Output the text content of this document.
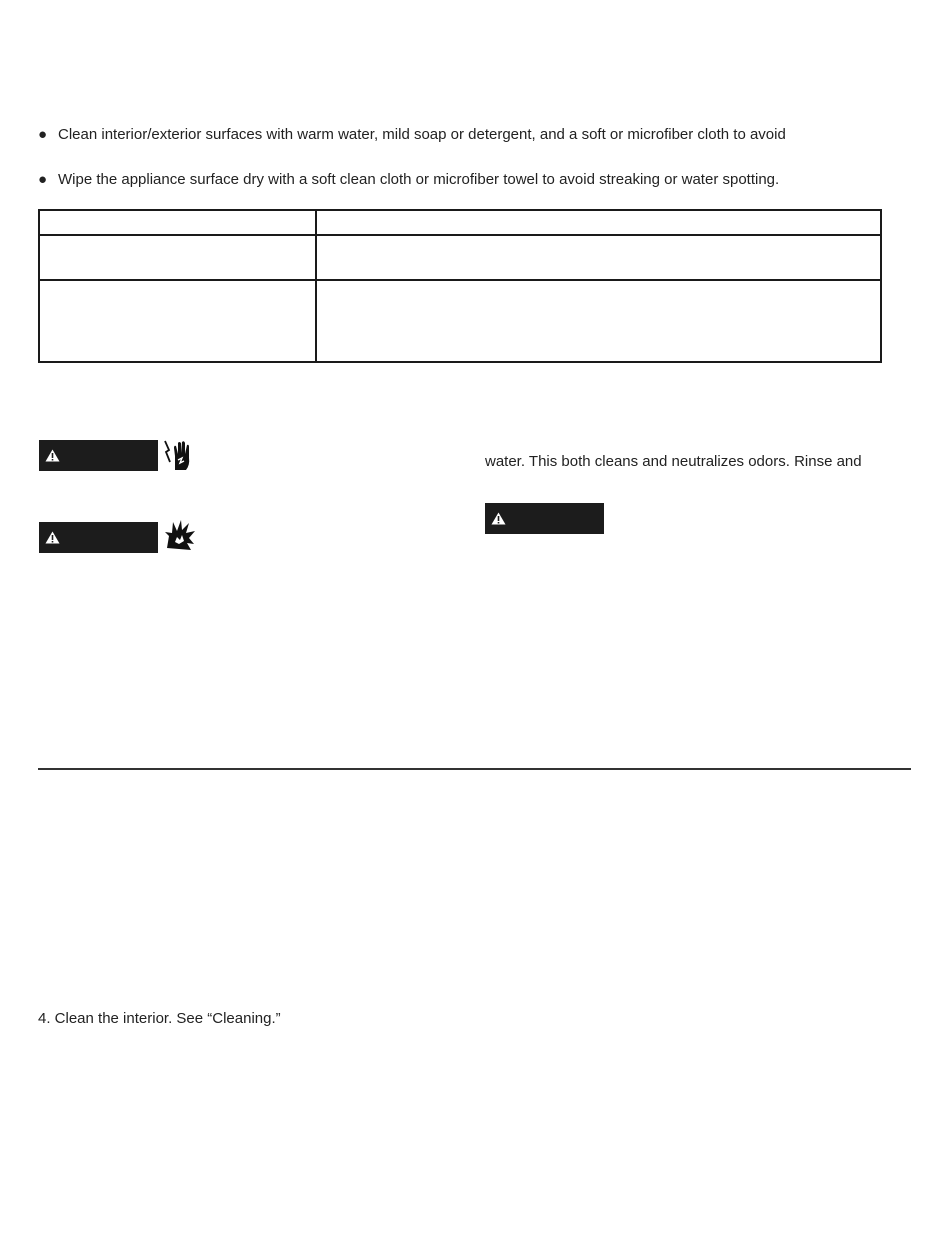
● Clean interior/exterior surfaces with warm water, mild soap or detergent, and a soft or microfiber cloth to avoid
● Wipe the appliance surface dry with a soft clean cloth or microfiber towel to avoid streaking or water spotting.
water. This both cleans and neutralizes odors. Rinse and
4. Clean the interior. See “Cleaning.”
